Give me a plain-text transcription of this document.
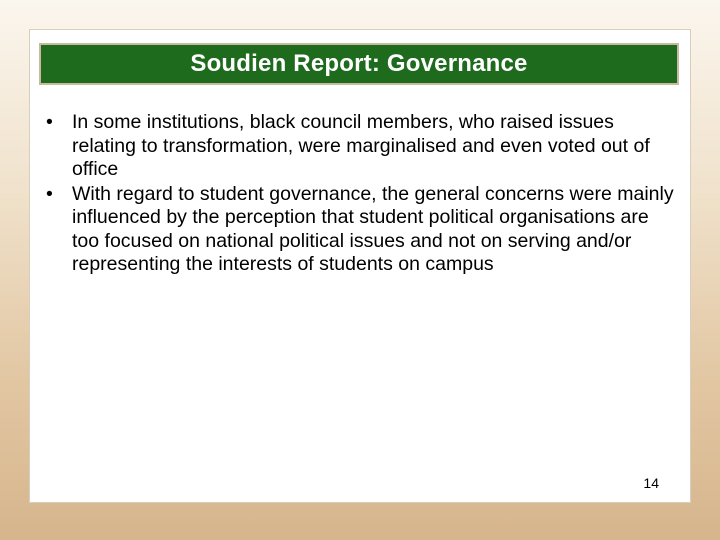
Soudien Report: Governance
• In some institutions, black council members, who raised issues relating to transformation, were marginalised and even voted out of office
• With regard to student governance, the general concerns were mainly influenced by the perception that student political organisations are too focused on national political issues and not on serving and/or representing the interests of students on campus
14
